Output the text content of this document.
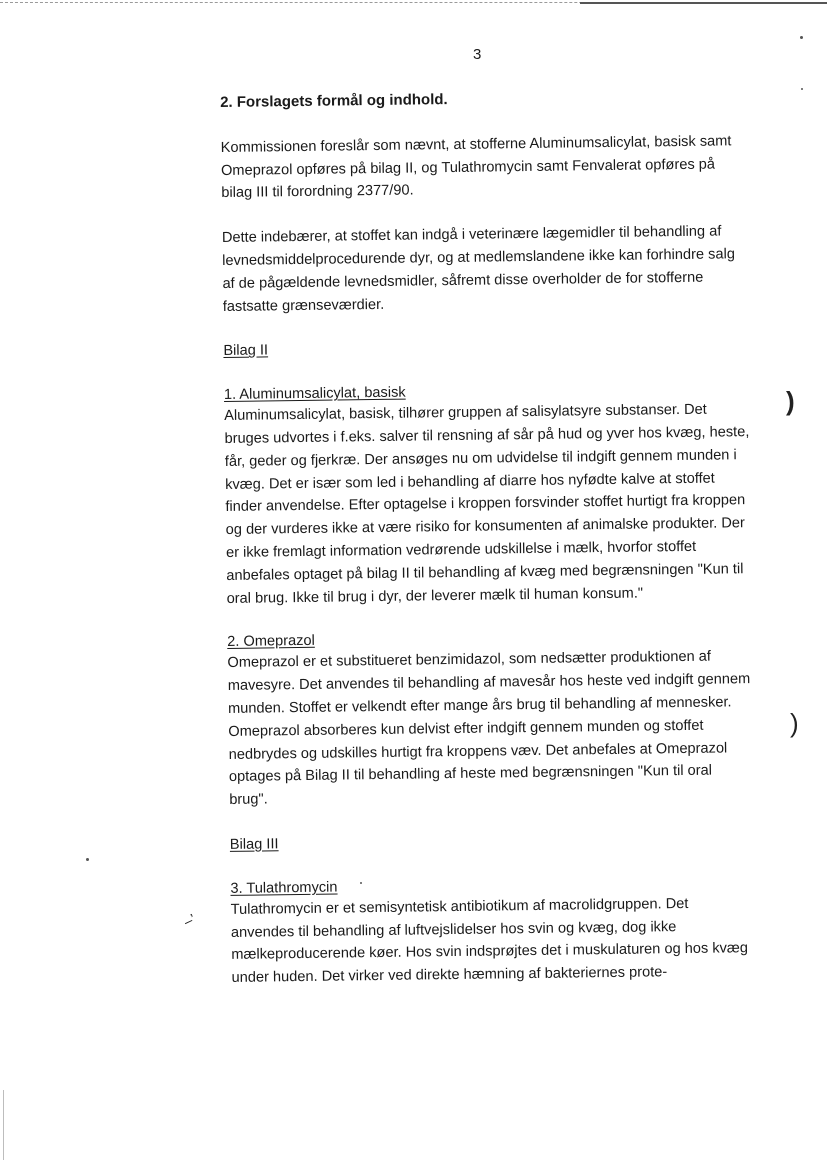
3

2. Forslagets formål og indhold.

Kommissionen foreslår som nævnt, at stofferne Aluminumsalicylat, basisk samt Omeprazol opføres på bilag II, og Tulathromycin samt Fenvalerat opføres på bilag III til forordning 2377/90.

Dette indebærer, at stoffet kan indgå i veterinære lægemidler til behandling af levnedsmiddelprocedurende dyr, og at medlemslandene ikke kan forhindre salg af de pågældende levnedsmidler, såfremt disse overholder de for stofferne fastsatte grænseværdier.

Bilag II

1. Aluminumsalicylat, basisk

Aluminumsalicylat, basisk, tilhører gruppen af salisylatsyre substanser. Det bruges udvortes i f.eks. salver til rensning af sår på hud og yver hos kvæg, heste, får, geder og fjerkræ. Der ansøges nu om udvidelse til indgift gennem munden i kvæg. Det er især som led i behandling af diarre hos nyfødte kalve at stoffet finder anvendelse. Efter optagelse i kroppen forsvinder stoffet hurtigt fra kroppen og der vurderes ikke at være risiko for konsumenten af animalske produkter. Der er ikke fremlagt information vedrørende udskillelse i mælk, hvorfor stoffet anbefales optaget på bilag II til behandling af kvæg med begrænsningen "Kun til oral brug. Ikke til brug i dyr, der leverer mælk til human konsum."

2. Omeprazol

Omeprazol er et substitueret benzimidazol, som nedsætter produktionen af mavesyre. Det anvendes til behandling af mavesår hos heste ved indgift gennem munden. Stoffet er velkendt efter mange års brug til behandling af mennesker. Omeprazol absorberes kun delvist efter indgift gennem munden og stoffet nedbrydes og udskilles hurtigt fra kroppens væv. Det anbefales at Omeprazol optages på Bilag II til behandling af heste med begrænsningen "Kun til oral brug".

Bilag III

3. Tulathromycin

Tulathromycin er et semisyntetisk antibiotikum af macrolidgruppen. Det anvendes til behandling af luftvejslidelser hos svin og kvæg, dog ikke mælkeproducerende køer. Hos svin indsprøjtes det i muskulaturen og hos kvæg under huden. Det virker ved direkte hæmning af bakteriernes prote-

)
)
‒’
